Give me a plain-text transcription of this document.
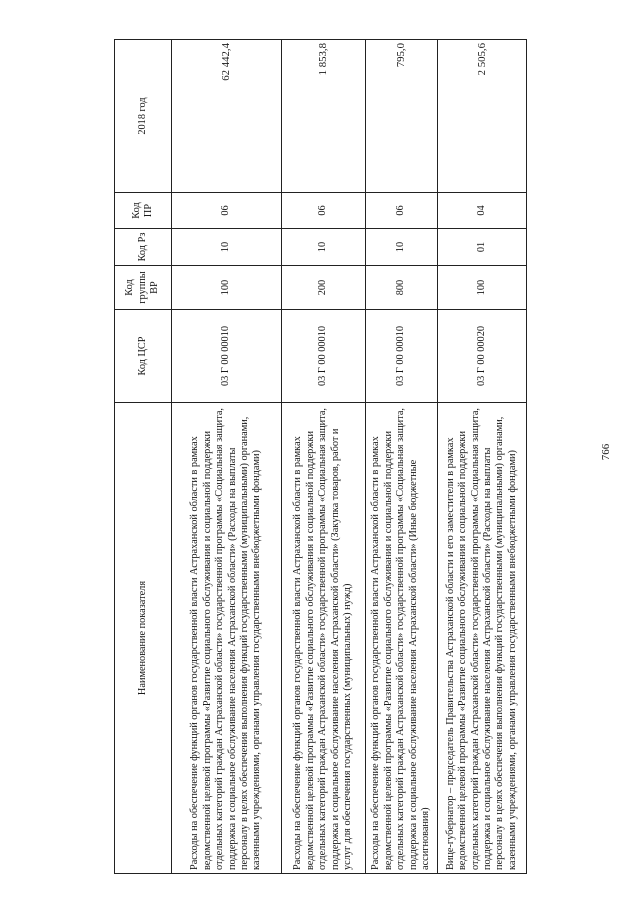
766
Наименование показателя	Код ЦСР	Код группы ВР	Код Рз	Код ПР	2018 год
Расходы на обеспечение функций органов государственной власти Астраханской области в рамках ведомственной целевой программы «Развитие социального обслуживания и социальной поддержки отдельных категорий граждан Астраханской области» государственной программы «Социальная защита, поддержка и социальное обслуживание населения Астраханской области» (Расходы на выплаты персоналу в целях обеспечения выполнения функций государственными (муниципальными) органами, казенными учреждениями, органами управления государственными внебюджетными фондами)	03 Г 00 00010	100	10	06	62 442,4
Расходы на обеспечение функций органов государственной власти Астраханской области в рамках ведомственной целевой программы «Развитие социального обслуживания и социальной поддержки отдельных категорий граждан Астраханской области» государственной программы «Социальная защита, поддержка и социальное обслуживание населения Астраханской области» (Закупка товаров, работ и услуг для обеспечения государственных (муниципальных) нужд)	03 Г 00 00010	200	10	06	1 853,8
Расходы на обеспечение функций органов государственной власти Астраханской области в рамках ведомственной целевой программы «Развитие социального обслуживания и социальной поддержки отдельных категорий граждан Астраханской области» государственной программы «Социальная защита, поддержка и социальное обслуживание населения Астраханской области» (Иные бюджетные ассигнования)	03 Г 00 00010	800	10	06	795,0
Вице-губернатор – председатель Правительства Астраханской области и его заместители в рамках ведомственной целевой программы «Развитие социального обслуживания и социальной поддержки отдельных категорий граждан Астраханской области» государственной программы «Социальная защита, поддержка и социальное обслуживание населения Астраханской области» (Расходы на выплаты персоналу в целях обеспечения выполнения функций государственными (муниципальными) органами, казенными учреждениями, органами управления государственными внебюджетными фондами)	03 Г 00 00020	100	01	04	2 505,6
